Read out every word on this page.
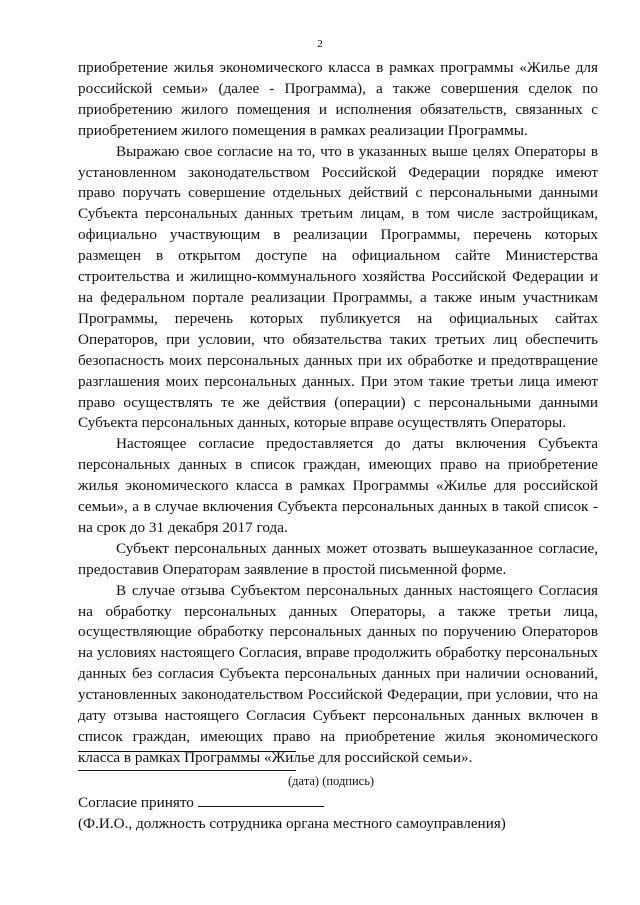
2

приобретение жилья экономического класса в рамках программы «Жилье для российской семьи» (далее - Программа), а также совершения сделок по приобретению жилого помещения и исполнения обязательств, связанных с приобретением жилого помещения в рамках реализации Программы.

Выражаю свое согласие на то, что в указанных выше целях Операторы в установленном законодательством Российской Федерации порядке имеют право поручать совершение отдельных действий с персональными данными Субъекта персональных данных третьим лицам, в том числе застройщикам, официально участвующим в реализации Программы, перечень которых размещен в открытом доступе на официальном сайте Министерства строительства и жилищно-коммунального хозяйства Российской Федерации и на федеральном портале реализации Программы, а также иным участникам Программы, перечень которых публикуется на официальных сайтах Операторов, при условии, что обязательства таких третьих лиц обеспечить безопасность моих персональных данных при их обработке и предотвращение разглашения моих персональных данных. При этом такие третьи лица имеют право осуществлять те же действия (операции) с персональными данными Субъекта персональных данных, которые вправе осуществлять Операторы.

Настоящее согласие предоставляется до даты включения Субъекта персональных данных в список граждан, имеющих право на приобретение жилья экономического класса в рамках Программы «Жилье для российской семьи», а в случае включения Субъекта персональных данных в такой список - на срок до 31 декабря 2017 года.

Субъект персональных данных может отозвать вышеуказанное согласие, предоставив Операторам заявление в простой письменной форме.

В случае отзыва Субъектом персональных данных настоящего Согласия на обработку персональных данных Операторы, а также третьи лица, осуществляющие обработку персональных данных по поручению Операторов на условиях настоящего Согласия, вправе продолжить обработку персональных данных без согласия Субъекта персональных данных при наличии оснований, установленных законодательством Российской Федерации, при условии, что на дату отзыва настоящего Согласия Субъект персональных данных включен в список граждан, имеющих право на приобретение жилья экономического класса в рамках Программы «Жилье для российской семьи».

(дата) (подпись)
Согласие принято
(Ф.И.О., должность сотрудника органа местного самоуправления)
